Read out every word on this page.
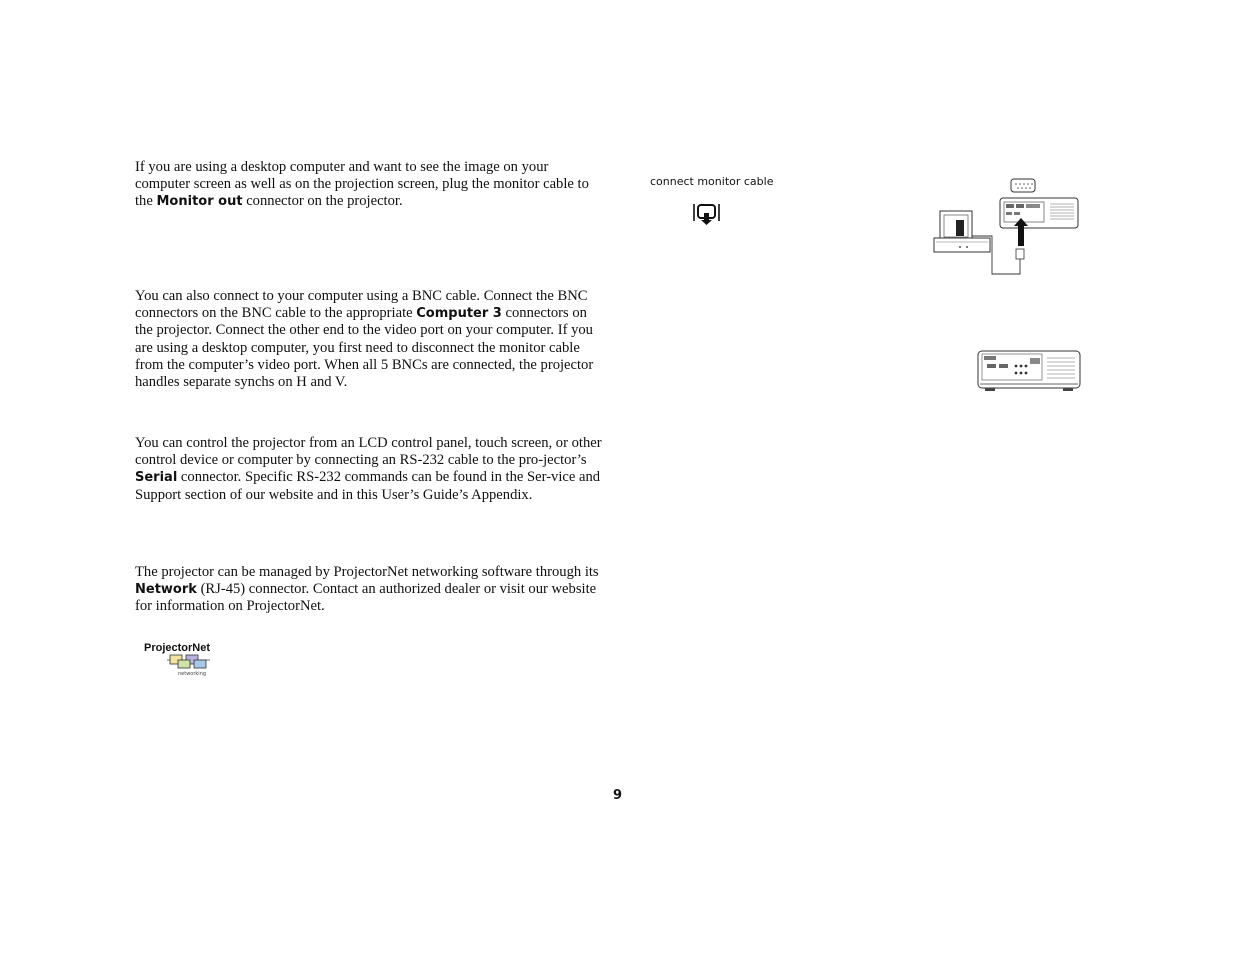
If you are using a desktop computer and want to see the image on your computer screen as well as on the projection screen, plug the monitor cable to the Monitor out connector on the projector.

You can also connect to your computer using a BNC cable. Connect the BNC connectors on the BNC cable to the appropriate Computer 3 connectors on the projector. Connect the other end to the video port on your computer. If you are using a desktop computer, you first need to disconnect the monitor cable from the computer’s video port. When all 5 BNCs are connected, the projector handles separate synchs on H and V.

You can control the projector from an LCD control panel, touch screen, or other control device or computer by connecting an RS-232 cable to the pro-jector’s Serial connector. Specific RS-232 commands can be found in the Ser-vice and Support section of our website and in this User’s Guide’s Appendix.

The projector can be managed by ProjectorNet networking software through its Network (RJ-45) connector. Contact an authorized dealer or visit our website for information on ProjectorNet.

connect monitor cable
ProjectorNet
networking
9
